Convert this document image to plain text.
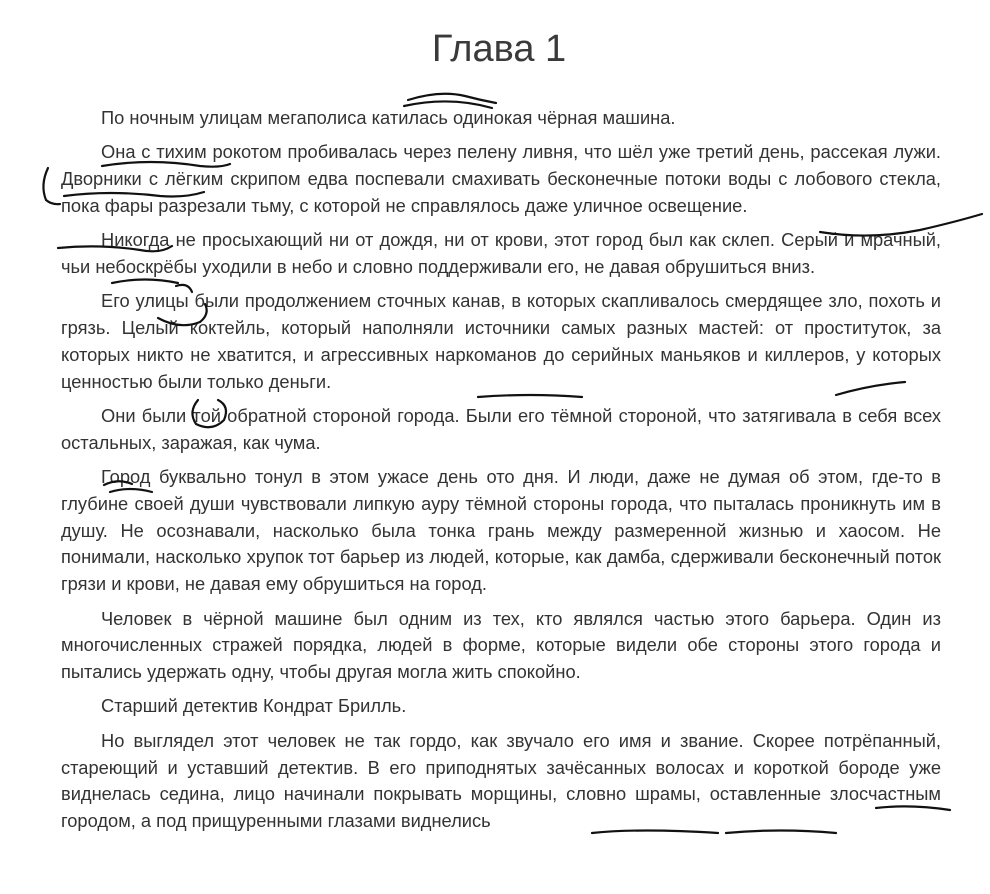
Глава 1

По ночным улицам мегаполиса катилась одинокая чёрная машина.

Она с тихим рокотом пробивалась через пелену ливня, что шёл уже третий день, рассекая лужи. Дворники с лёгким скрипом едва поспевали смахивать бесконечные потоки воды с лобового стекла, пока фары разрезали тьму, с которой не справлялось даже уличное освещение.

Никогда не просыхающий ни от дождя, ни от крови, этот город был как склеп. Серый и мрачный, чьи небоскрёбы уходили в небо и словно поддерживали его, не давая обрушиться вниз.

Его улицы были продолжением сточных канав, в которых скапливалось смердящее зло, похоть и грязь. Целый коктейль, который наполняли источники самых разных мастей: от проституток, за которых никто не хватится, и агрессивных наркоманов до серийных маньяков и киллеров, у которых ценностью были только деньги.

Они были той обратной стороной города. Были его тёмной стороной, что затягивала в себя всех остальных, заражая, как чума.

Город буквально тонул в этом ужасе день ото дня. И люди, даже не думая об этом, где-то в глубине своей души чувствовали липкую ауру тёмной стороны города, что пыталась проникнуть им в душу. Не осознавали, насколько была тонка грань между размеренной жизнью и хаосом. Не понимали, насколько хрупок тот барьер из людей, которые, как дамба, сдерживали бесконечный поток грязи и крови, не давая ему обрушиться на город.

Человек в чёрной машине был одним из тех, кто являлся частью этого барьера. Один из многочисленных стражей порядка, людей в форме, которые видели обе стороны этого города и пытались удержать одну, чтобы другая могла жить спокойно.

Старший детектив Кондрат Брилль.

Но выглядел этот человек не так гордо, как звучало его имя и звание. Скорее потрёпанный, стареющий и уставший детектив. В его приподнятых зачёсанных волосах и короткой бороде уже виднелась седина, лицо начинали покрывать морщины, словно шрамы, оставленные злосчастным городом, а под прищуренными глазами виднелись
